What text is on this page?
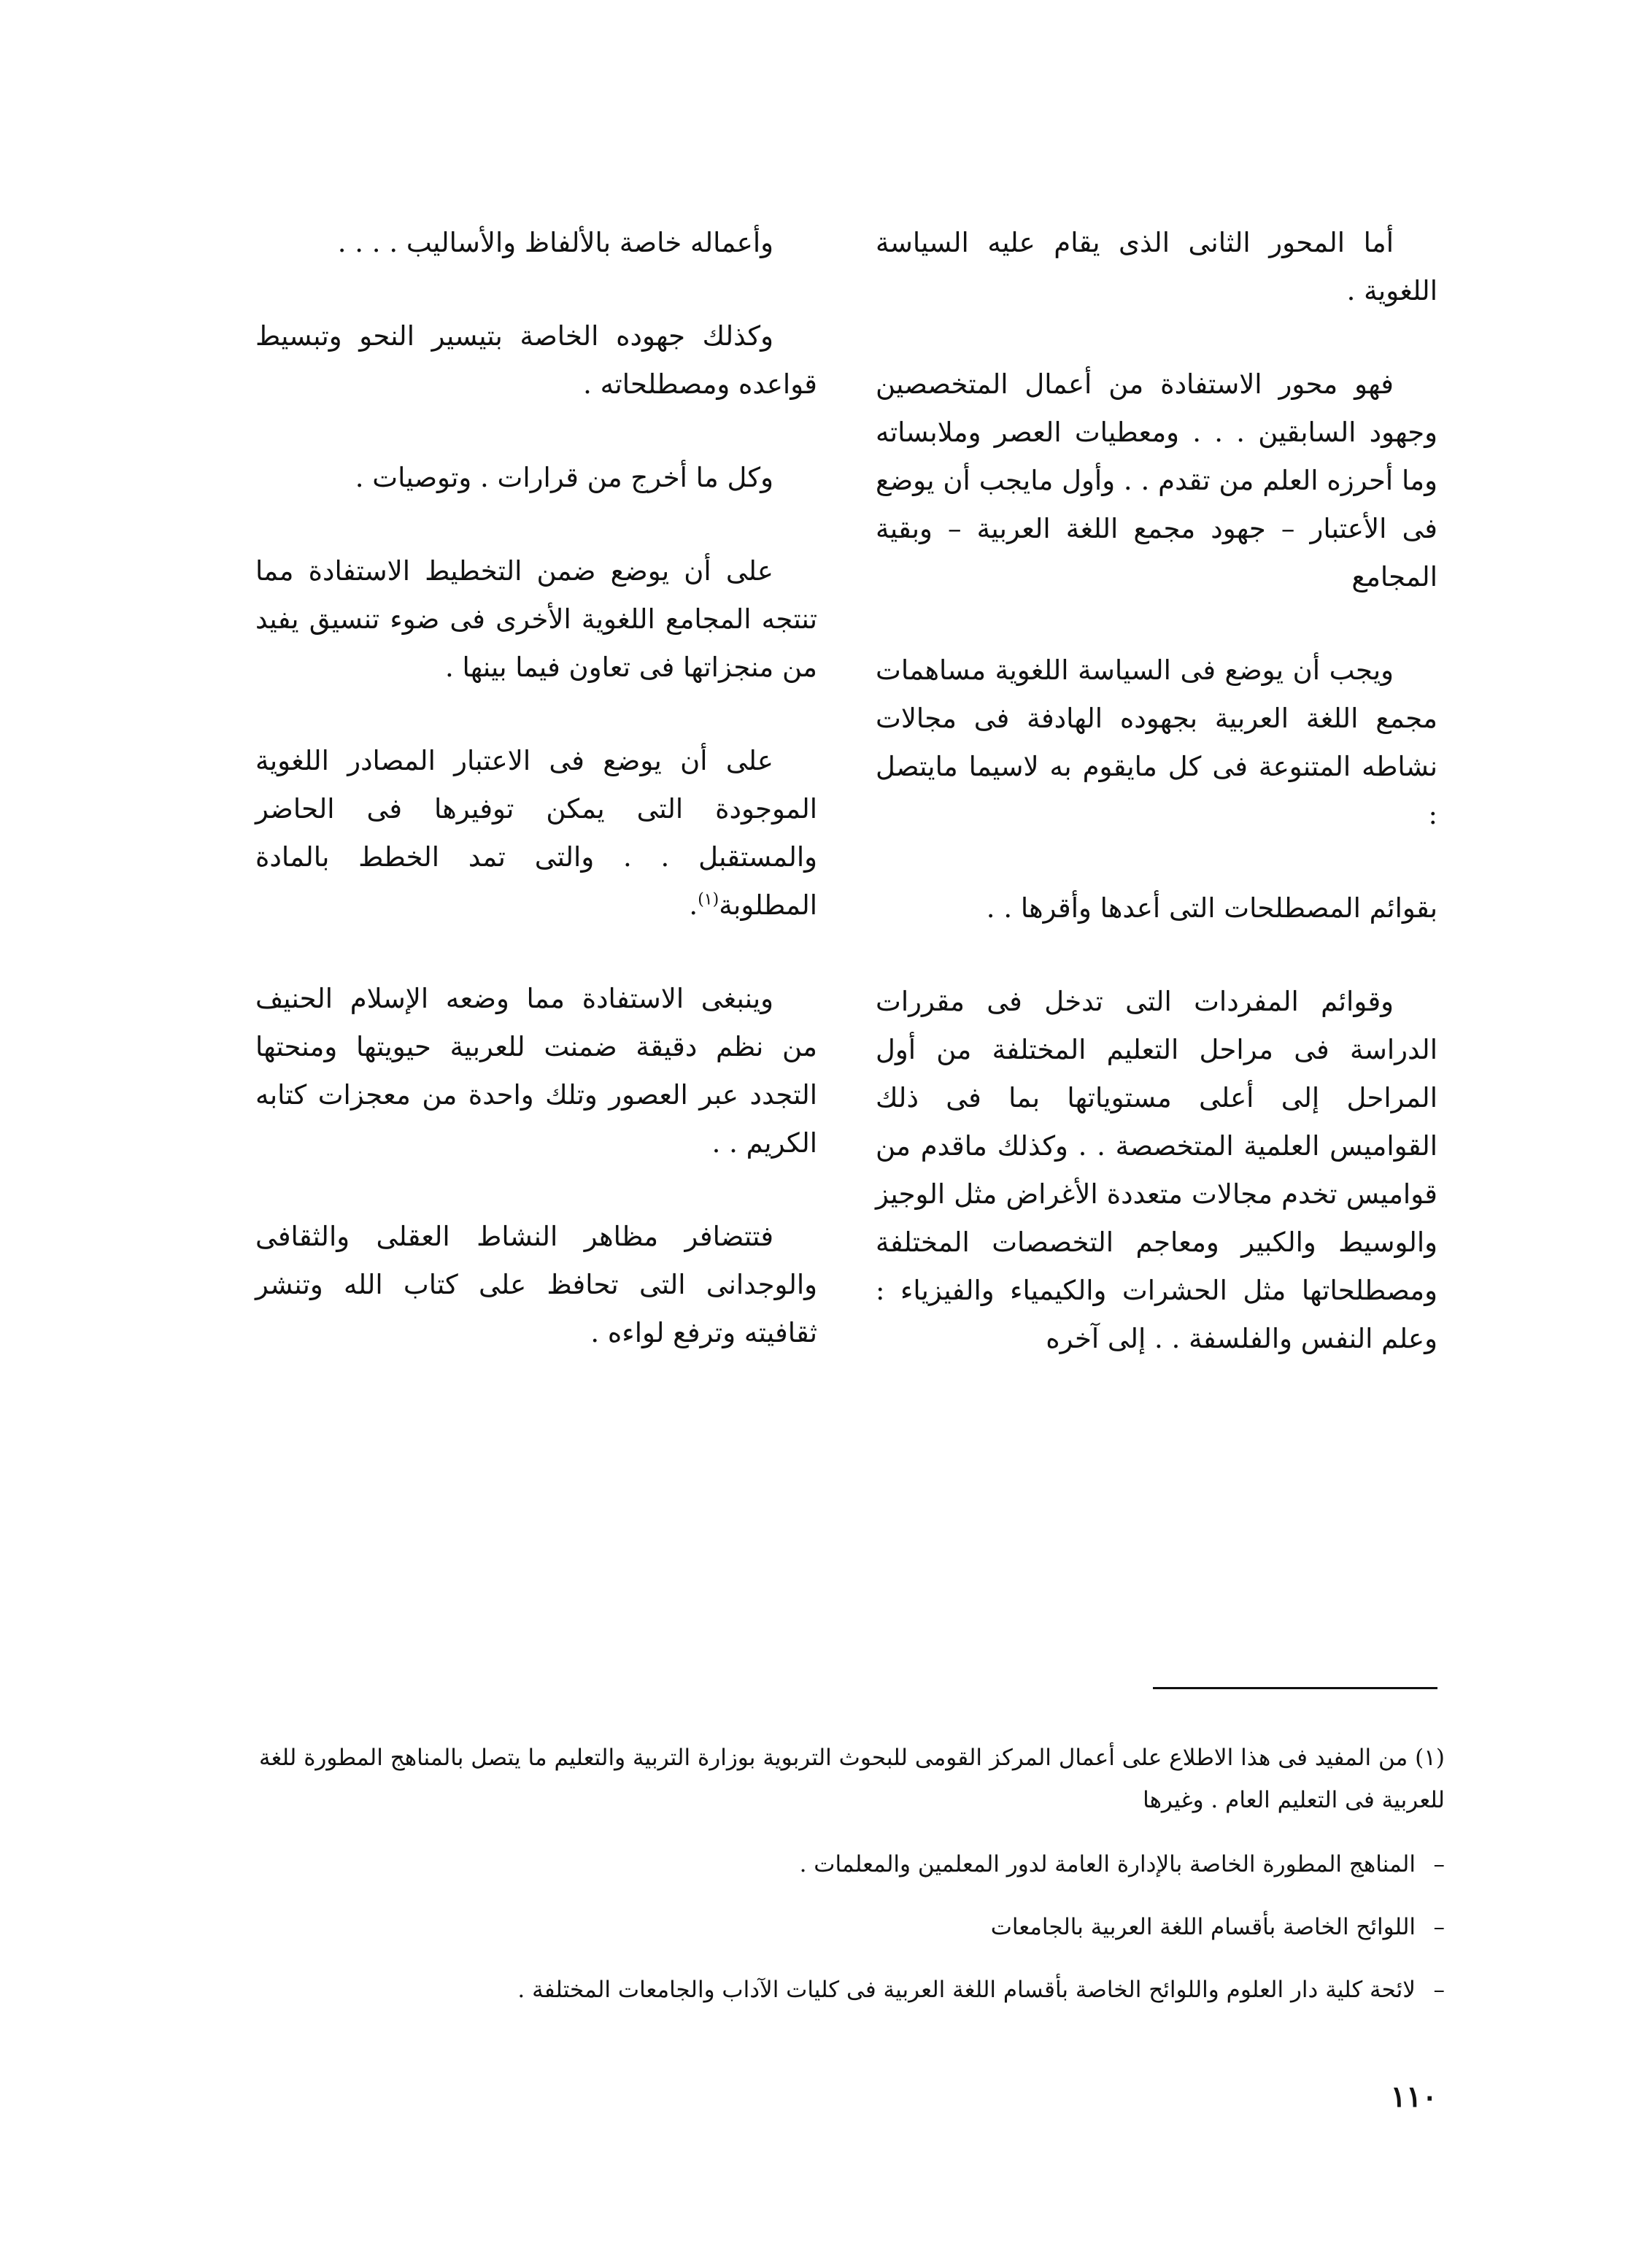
أما المحور الثانى الذى يقام عليه السياسة اللغوية .

فهو محور الاستفادة من أعمال المتخصصين وجهود السابقين . . . ومعطيات العصر وملابساته وما أحرزه العلم من تقدم . . وأول مايجب أن يوضع فى الأعتبار – جهود مجمع اللغة العربية – وبقية المجامع

ويجب أن يوضع فى السياسة اللغوية مساهمات مجمع اللغة العربية بجهوده الهادفة فى مجالات نشاطه المتنوعة فى كل مايقوم به لاسيما مايتصل :

بقوائم المصطلحات التى أعدها وأقرها . .

وقوائم المفردات التى تدخل فى مقررات الدراسة فى مراحل التعليم المختلفة من أول المراحل إلى أعلى مستوياتها بما فى ذلك القواميس العلمية المتخصصة . . وكذلك ماقدم من قواميس تخدم مجالات متعددة الأغراض مثل الوجيز والوسيط والكبير ومعاجم التخصصات المختلفة ومصطلحاتها مثل الحشرات والكيمياء والفيزياء : وعلم النفس والفلسفة . . إلى آخره

وأعماله خاصة بالألفاظ والأساليب . . . .

وكذلك جهوده الخاصة بتيسير النحو وتبسيط قواعده ومصطلحاته .

وكل ما أخرج من قرارات . وتوصيات .

على أن يوضع ضمن التخطيط الاستفادة مما تنتجه المجامع اللغوية الأخرى فى ضوء تنسيق يفيد من منجزاتها فى تعاون فيما بينها .

على أن يوضع فى الاعتبار المصادر اللغوية الموجودة التى يمكن توفيرها فى الحاضر والمستقبل . . والتى تمد الخطط بالمادة المطلوبة$^{(١)}$.

وينبغى الاستفادة مما وضعه الإسلام الحنيف من نظم دقيقة ضمنت للعربية حيويتها ومنحتها التجدد عبر العصور وتلك واحدة من معجزات كتابه الكريم . .

فتتضافر مظاهر النشاط العقلى والثقافى والوجدانى التى تحافظ على كتاب الله وتنشر ثقافيته وترفع لواءه .

(١) من المفيد فى هذا الاطلاع على أعمال المركز القومى للبحوث التربوية بوزارة التربية والتعليم ما يتصل بالمناهج المطورة للغة للعربية فى التعليم العام . وغيرها

–
المناهج المطورة الخاصة بالإدارة العامة لدور المعلمين والمعلمات .
–
اللوائح الخاصة بأقسام اللغة العربية بالجامعات
–
لائحة كلية دار العلوم واللوائح الخاصة بأقسام اللغة العربية فى كليات الآداب والجامعات المختلفة .
١١٠
